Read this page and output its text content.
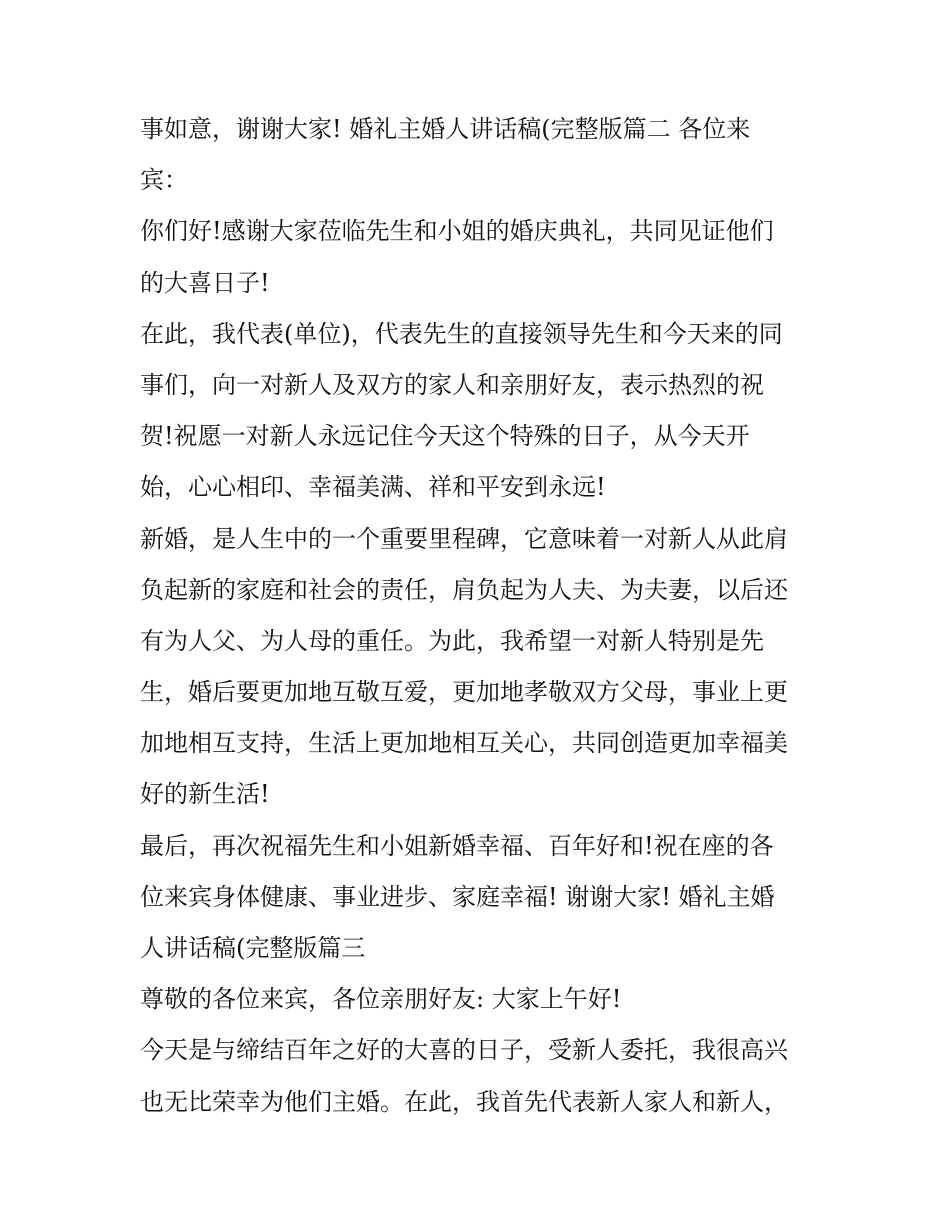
事如意，谢谢大家! 婚礼主婚人讲话稿(完整版篇二 各位来
宾：
你们好!感谢大家莅临先生和小姐的婚庆典礼，共同见证他们
的大喜日子!
在此，我代表(单位)，代表先生的直接领导先生和今天来的同
事们，向一对新人及双方的家人和亲朋好友，表示热烈的祝
贺!祝愿一对新人永远记住今天这个特殊的日子，从今天开
始，心心相印、幸福美满、祥和平安到永远!
新婚，是人生中的一个重要里程碑，它意味着一对新人从此肩
负起新的家庭和社会的责任，肩负起为人夫、为夫妻，以后还
有为人父、为人母的重任。为此，我希望一对新人特别是先
生，婚后要更加地互敬互爱，更加地孝敬双方父母，事业上更
加地相互支持，生活上更加地相互关心，共同创造更加幸福美
好的新生活!
最后，再次祝福先生和小姐新婚幸福、百年好和!祝在座的各
位来宾身体健康、事业进步、家庭幸福! 谢谢大家! 婚礼主婚
人讲话稿(完整版篇三
尊敬的各位来宾，各位亲朋好友: 大家上午好!
今天是与缔结百年之好的大喜的日子，受新人委托，我很高兴
也无比荣幸为他们主婚。在此，我首先代表新人家人和新人，
